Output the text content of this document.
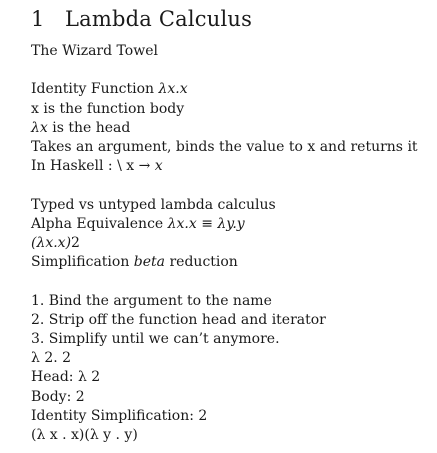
1 Lambda Calculus
The Wizard Towel
Identity Function λx.x
x is the function body
λx is the head
Takes an argument, binds the value to x and returns it
In Haskell : \ x → x
Typed vs untyped lambda calculus
Alpha Equivalence λx.x ≡ λy.y
(λx.x)2
Simplification beta reduction
1. Bind the argument to the name
2. Strip off the function head and iterator
3. Simplify until we can’t anymore.
λ 2. 2
Head: λ 2
Body: 2
Identity Simplification: 2
(λ x . x)(λ y . y)
